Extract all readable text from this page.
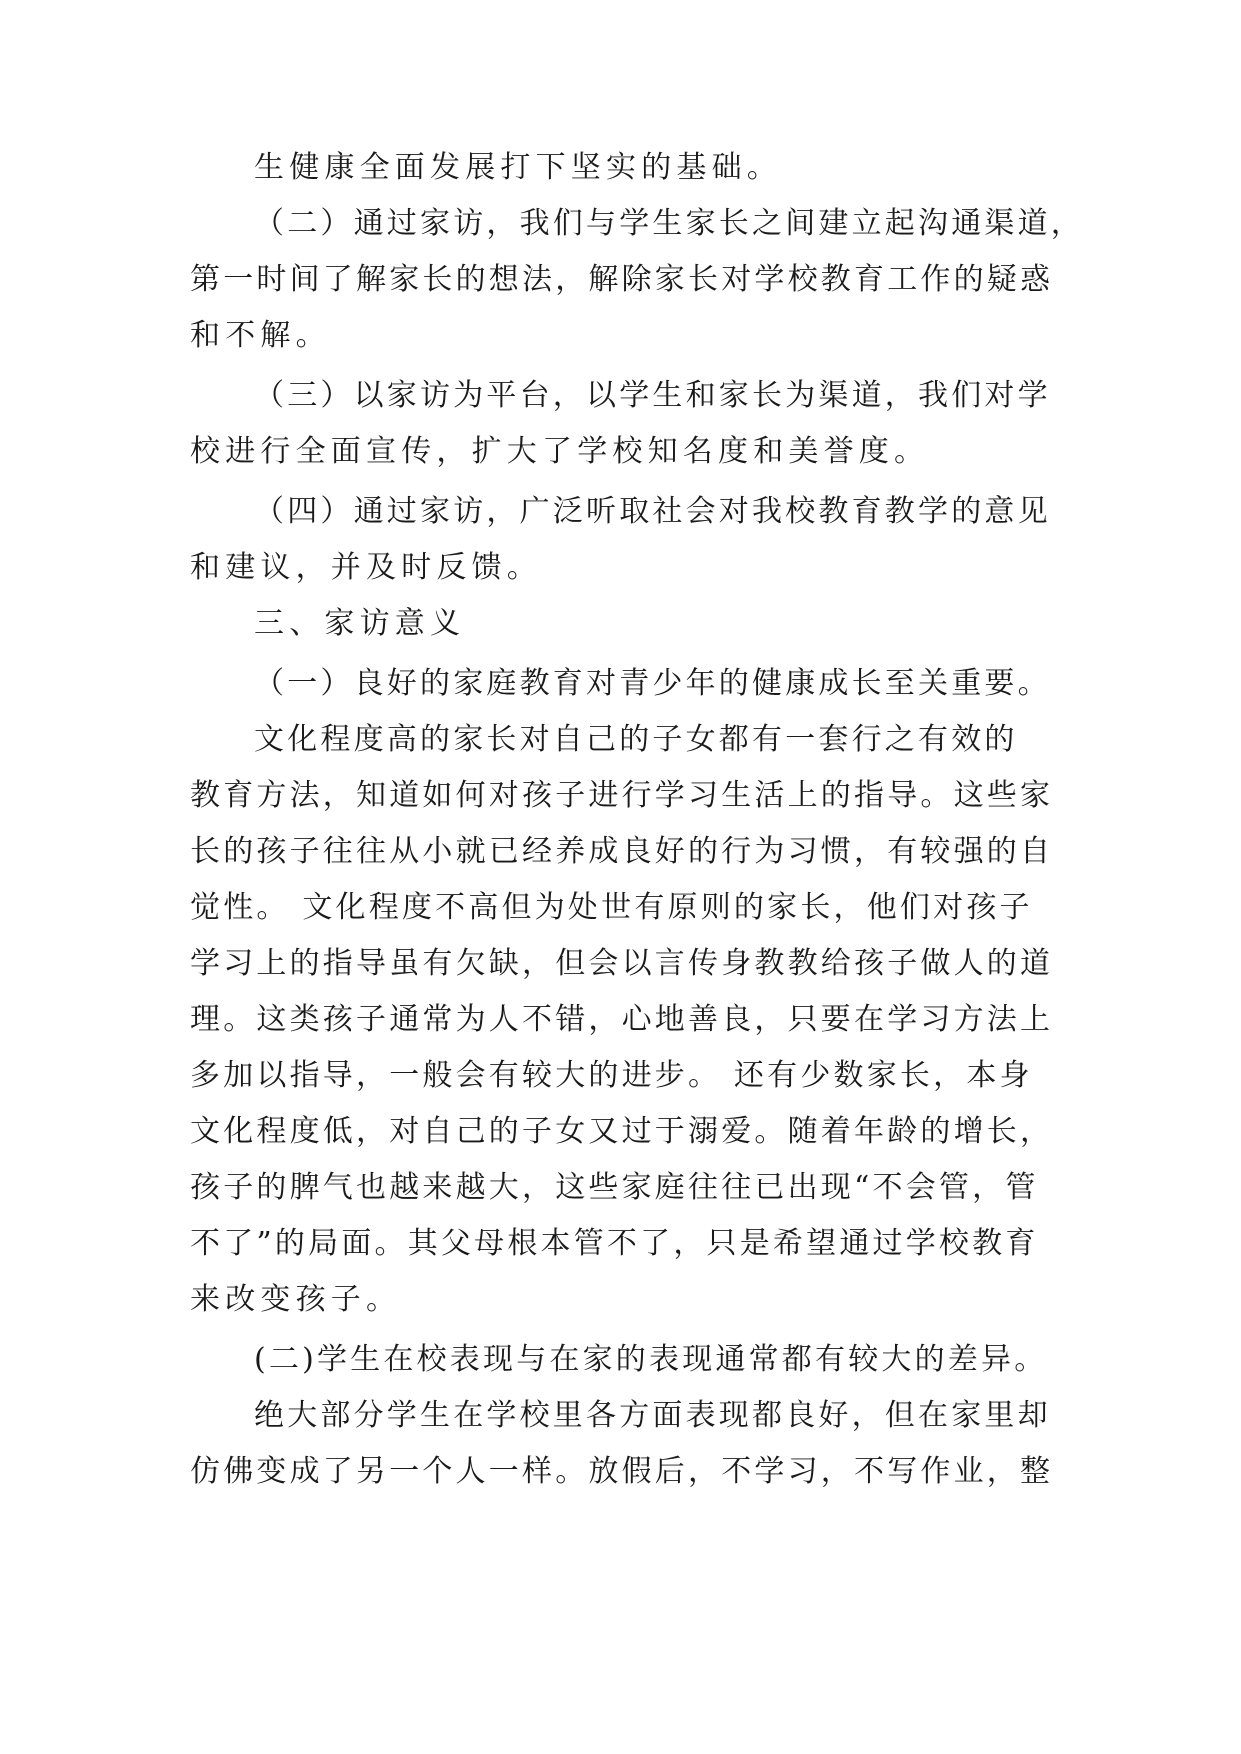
生健康全面发展打下坚实的基础。
（二）通过家访，我们与学生家长之间建立起沟通渠道，
第一时间了解家长的想法，解除家长对学校教育工作的疑惑
和不解。
（三）以家访为平台，以学生和家长为渠道，我们对学
校进行全面宣传，扩大了学校知名度和美誉度。
（四）通过家访，广泛听取社会对我校教育教学的意见
和建议，并及时反馈。
三、家访意义
（一）良好的家庭教育对青少年的健康成长至关重要。
文化程度高的家长对自己的子女都有一套行之有效的
教育方法，知道如何对孩子进行学习生活上的指导。这些家
长的孩子往往从小就已经养成良好的行为习惯，有较强的自
觉性。 文化程度不高但为处世有原则的家长，他们对孩子
学习上的指导虽有欠缺，但会以言传身教教给孩子做人的道
理。这类孩子通常为人不错，心地善良，只要在学习方法上
多加以指导，一般会有较大的进步。 还有少数家长，本身
文化程度低，对自己的子女又过于溺爱。随着年龄的增长，
孩子的脾气也越来越大，这些家庭往往已出现“不会管，管
不了”的局面。其父母根本管不了，只是希望通过学校教育
来改变孩子。
(二)学生在校表现与在家的表现通常都有较大的差异。
绝大部分学生在学校里各方面表现都良好，但在家里却
仿佛变成了另一个人一样。放假后，不学习，不写作业，整
